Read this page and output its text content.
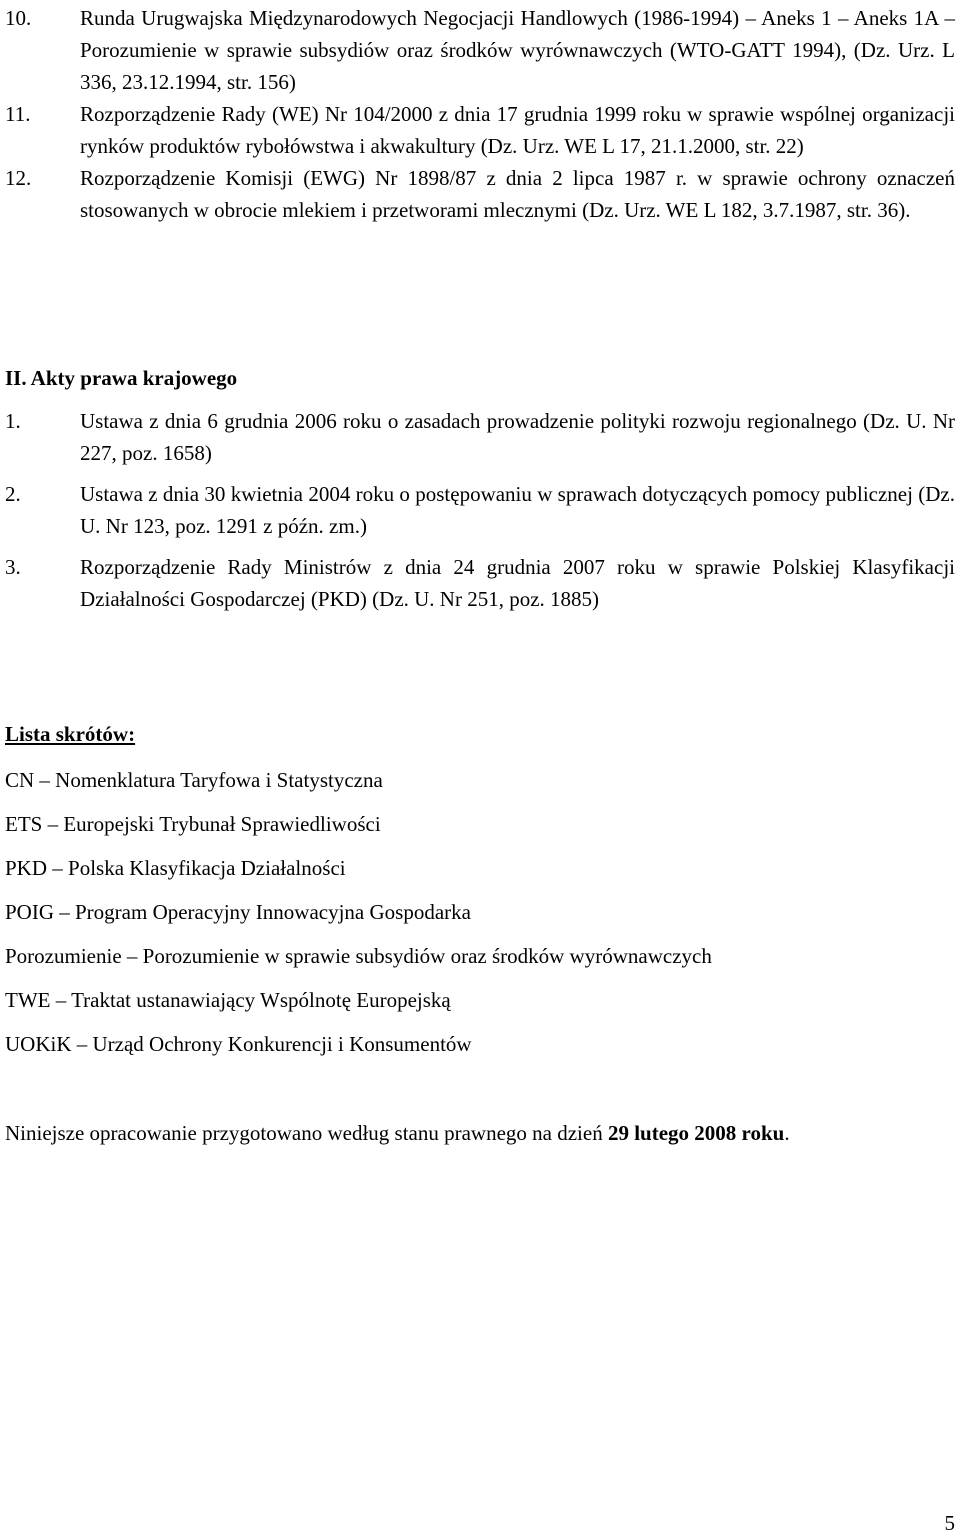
10.	Runda Urugwajska Międzynarodowych Negocjacji Handlowych (1986-1994) – Aneks 1 – Aneks 1A – Porozumienie w sprawie subsydiów oraz środków wyrównawczych (WTO-GATT 1994), (Dz. Urz. L 336, 23.12.1994, str. 156)
11.	Rozporządzenie Rady (WE) Nr 104/2000 z dnia 17 grudnia 1999 roku w sprawie wspólnej organizacji rynków produktów rybołówstwa i akwakultury (Dz. Urz. WE L 17, 21.1.2000, str. 22)
12.	Rozporządzenie Komisji (EWG) Nr 1898/87 z dnia 2 lipca 1987 r. w sprawie ochrony oznaczeń stosowanych w obrocie mlekiem i przetworami mlecznymi (Dz. Urz. WE L 182, 3.7.1987, str. 36).
II. Akty prawa krajowego
1.	Ustawa z dnia 6 grudnia 2006 roku o zasadach prowadzenie polityki rozwoju regionalnego (Dz. U. Nr 227, poz. 1658)
2.	Ustawa z dnia 30 kwietnia 2004 roku o postępowaniu w sprawach dotyczących pomocy publicznej (Dz. U. Nr 123, poz. 1291 z późn. zm.)
3.	Rozporządzenie Rady Ministrów z dnia 24 grudnia 2007 roku w sprawie Polskiej Klasyfikacji Działalności Gospodarczej (PKD) (Dz. U. Nr 251, poz. 1885)
Lista skrótów:
CN – Nomenklatura Taryfowa i Statystyczna
ETS – Europejski Trybunał Sprawiedliwości
PKD – Polska Klasyfikacja Działalności
POIG – Program Operacyjny Innowacyjna Gospodarka
Porozumienie – Porozumienie w sprawie subsydiów oraz środków wyrównawczych
TWE – Traktat ustanawiający Wspólnotę Europejską
UOKiK – Urząd Ochrony Konkurencji i Konsumentów

Niniejsze opracowanie przygotowano według stanu prawnego na dzień 29 lutego 2008 roku.

5
